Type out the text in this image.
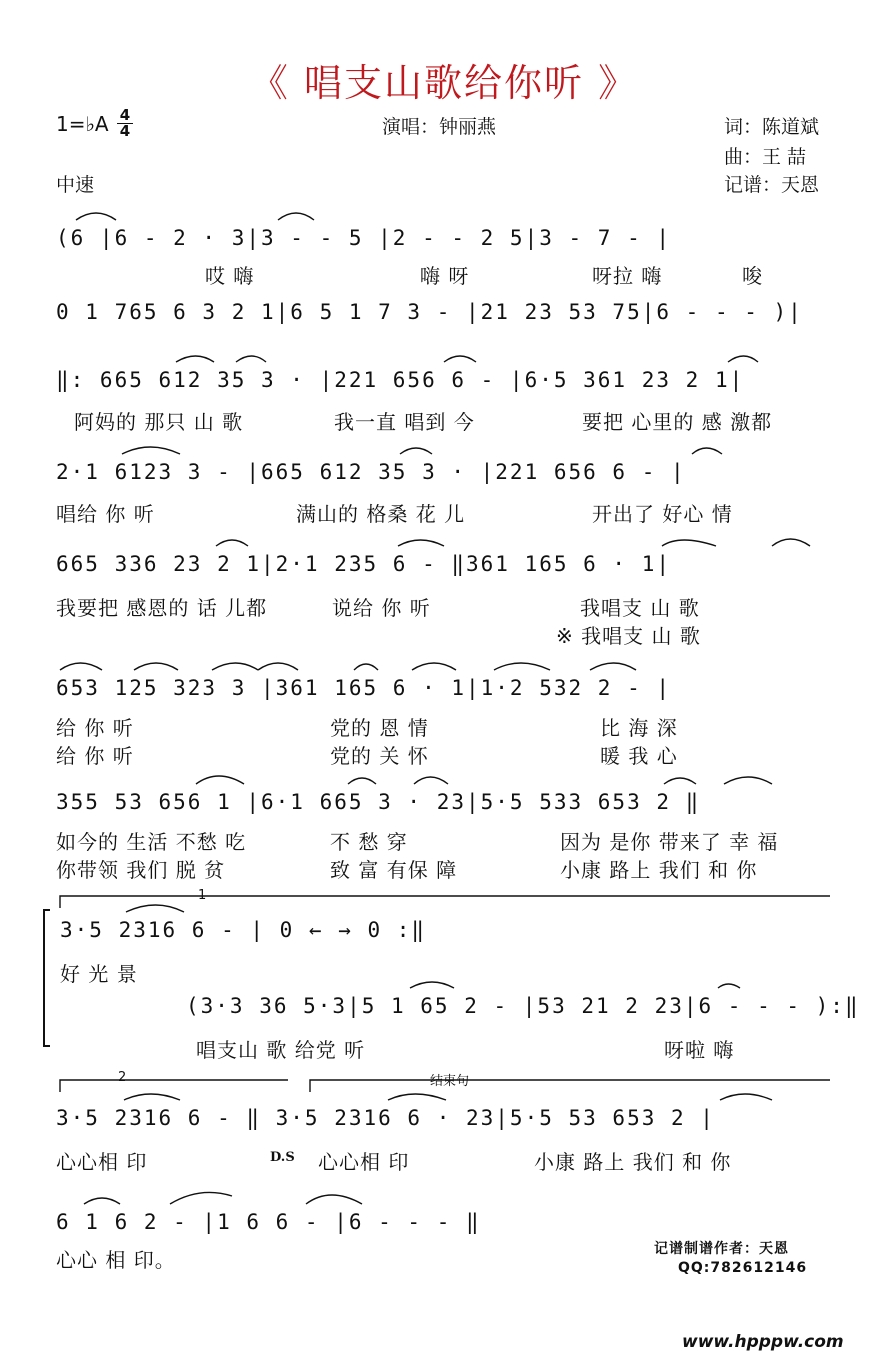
《 唱支山歌给你听 》
1=♭A 4
4
中速
演唱：钟丽燕	词：陈道斌
曲：王 喆
记谱：天恩
(6 |6 - 2 · 3|3 - - 5 |2 - - 2 5|3 - 7 - |
哎 嗨	嗨 呀	呀拉 嗨	唆
0 1 765 6 3 2 1|6 5 1 7 3 - |21 23 53 75|6 - - - )|
‖: 665 612 35 3 · |221 656 6 - |6·5 361 23 2 1|
阿妈的 那只 山 歌	我一直 唱到 今	要把 心里的 感 激都
2·1 6123 3 - |665 612 35 3 · |221 656 6 - |
唱给 你 听	满山的 格桑 花 儿	开出了 好心 情
665 336 23 2 1|2·1 235 6 - ‖361 165 6 · 1|
我要把 感恩的 话 儿都	说给 你 听	我唱支 山 歌
※ 我唱支 山 歌
653 125 323 3 |361 165 6 · 1|1·2 532 2 - |
给 你 听	党的 恩 情	比 海 深
给 你 听	党的 关 怀	暖 我 心
355 53 656 1 |6·1 665 3 · 23|5·5 533 653 2 ‖
如今的 生活 不愁 吃	不 愁 穿	因为 是你 带来了 幸 福
你带领 我们 脱 贫	致 富 有保 障	小康 路上 我们 和 你
1
3·5 2316 6 - | 0 ← → 0 :‖
好 光 景
(3·3 36 5·3|5 1 65 2 - |53 21 2 23|6 - - - ):‖
唱支山 歌 给党 听	呀啦 嗨
2	结束句
3·5 2316 6 - ‖ 3·5 2316 6 · 23|5·5 53 653 2 |
心心相 印	D.S 心心相 印	小康 路上 我们 和 你
6 1 6 2 - |1 6 6 - |6 - - - ‖
心心 相 印。	记谱制谱作者：天恩
QQ:782612146
www.hpppw.com
